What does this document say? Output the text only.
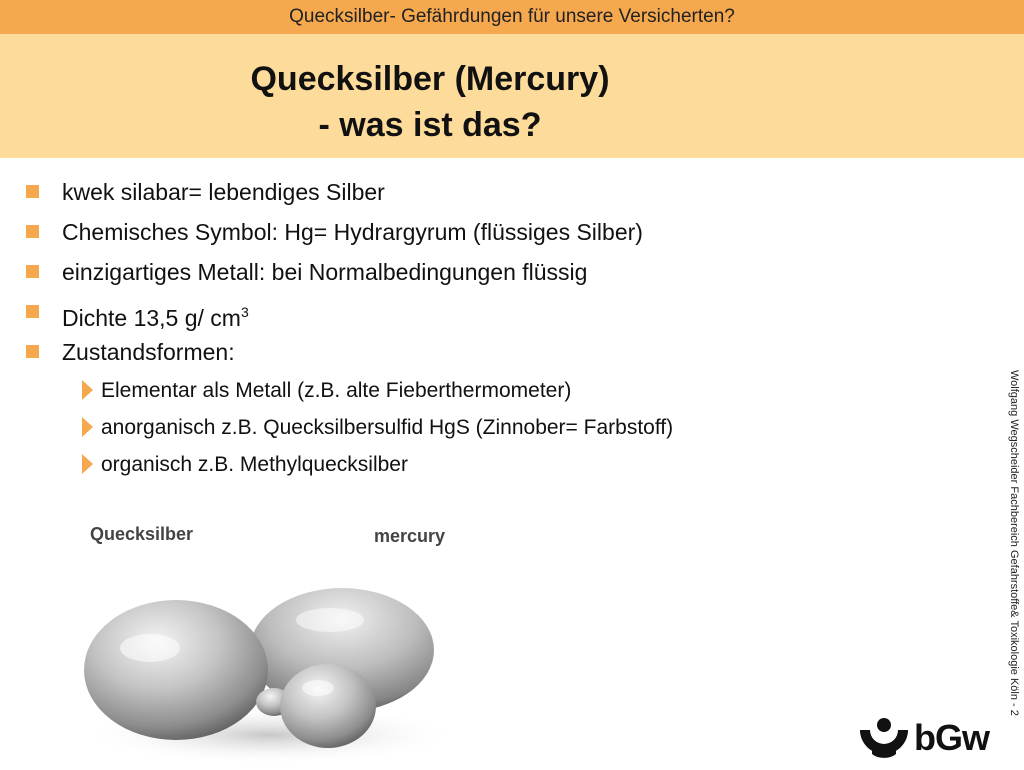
Quecksilber- Gefährdungen für unsere Versicherten?
Quecksilber (Mercury)
- was ist das?
kwek silabar= lebendiges Silber
Chemisches Symbol: Hg= Hydrargyrum (flüssiges Silber)
einzigartiges Metall: bei Normalbedingungen flüssig
Dichte 13,5 g/ $cm^3$
Zustandsformen:
Elementar als Metall (z.B. alte Fieberthermometer)
anorganisch z.B. Quecksilbersulfid HgS (Zinnober= Farbstoff)
organisch z.B. Methylquecksilber
Quecksilber	mercury	Wolfgang Wegscheider Fachbereich Gefahrstoffe& Toxikologie Köln - 2
bGw
